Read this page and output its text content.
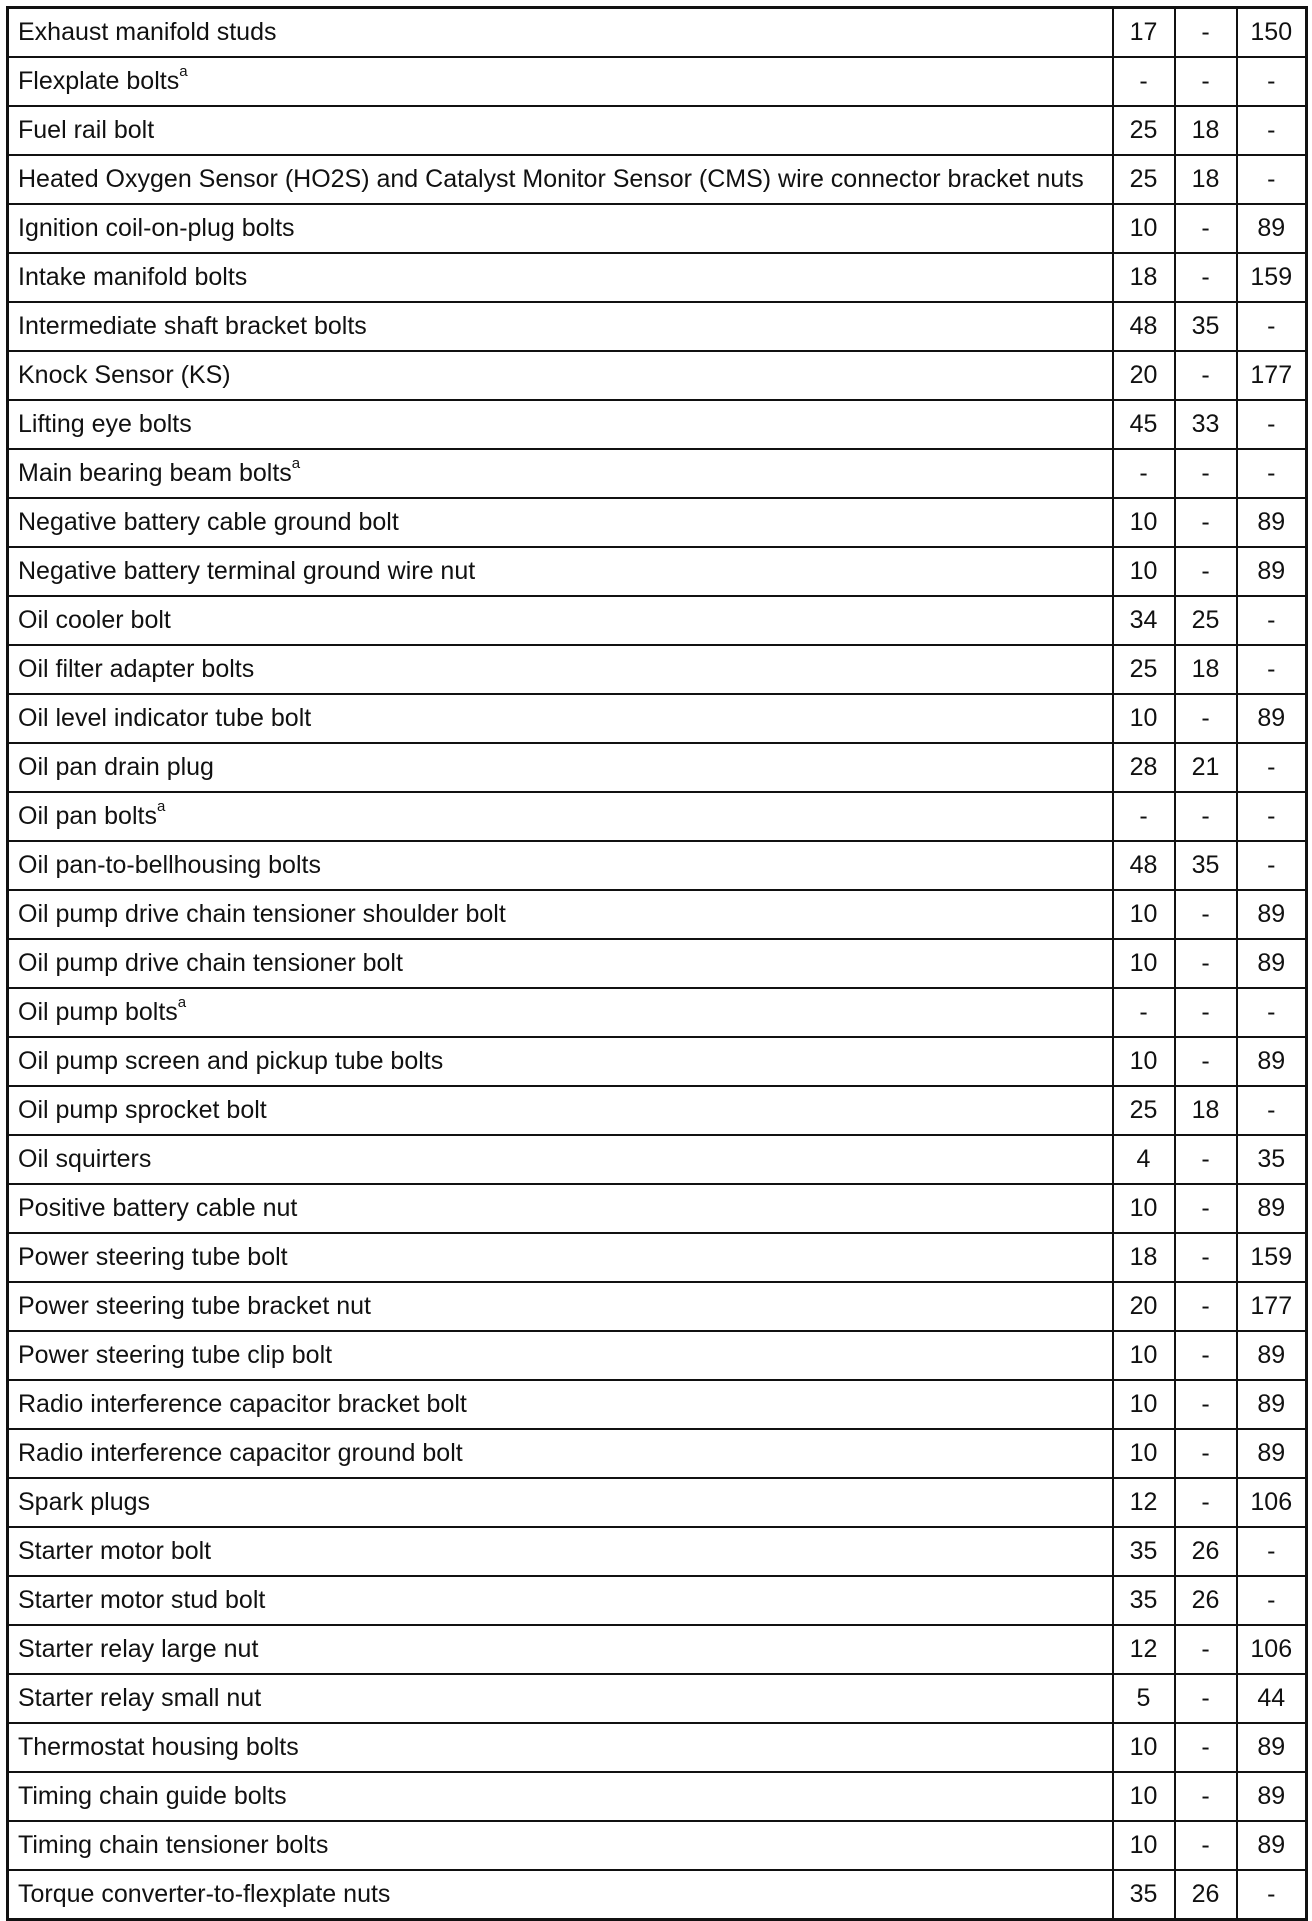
Exhaust manifold studs	17	-	150
Flexplate bolts$^a$	-	-	-
Fuel rail bolt	25	18	-
Heated Oxygen Sensor (HO2S) and Catalyst Monitor Sensor (CMS) wire connector bracket nuts	25	18	-
Ignition coil-on-plug bolts	10	-	89
Intake manifold bolts	18	-	159
Intermediate shaft bracket bolts	48	35	-
Knock Sensor (KS)	20	-	177
Lifting eye bolts	45	33	-
Main bearing beam bolts$^a$	-	-	-
Negative battery cable ground bolt	10	-	89
Negative battery terminal ground wire nut	10	-	89
Oil cooler bolt	34	25	-
Oil filter adapter bolts	25	18	-
Oil level indicator tube bolt	10	-	89
Oil pan drain plug	28	21	-
Oil pan bolts$^a$	-	-	-
Oil pan-to-bellhousing bolts	48	35	-
Oil pump drive chain tensioner shoulder bolt	10	-	89
Oil pump drive chain tensioner bolt	10	-	89
Oil pump bolts$^a$	-	-	-
Oil pump screen and pickup tube bolts	10	-	89
Oil pump sprocket bolt	25	18	-
Oil squirters	4	-	35
Positive battery cable nut	10	-	89
Power steering tube bolt	18	-	159
Power steering tube bracket nut	20	-	177
Power steering tube clip bolt	10	-	89
Radio interference capacitor bracket bolt	10	-	89
Radio interference capacitor ground bolt	10	-	89
Spark plugs	12	-	106
Starter motor bolt	35	26	-
Starter motor stud bolt	35	26	-
Starter relay large nut	12	-	106
Starter relay small nut	5	-	44
Thermostat housing bolts	10	-	89
Timing chain guide bolts	10	-	89
Timing chain tensioner bolts	10	-	89
Torque converter-to-flexplate nuts	35	26	-
